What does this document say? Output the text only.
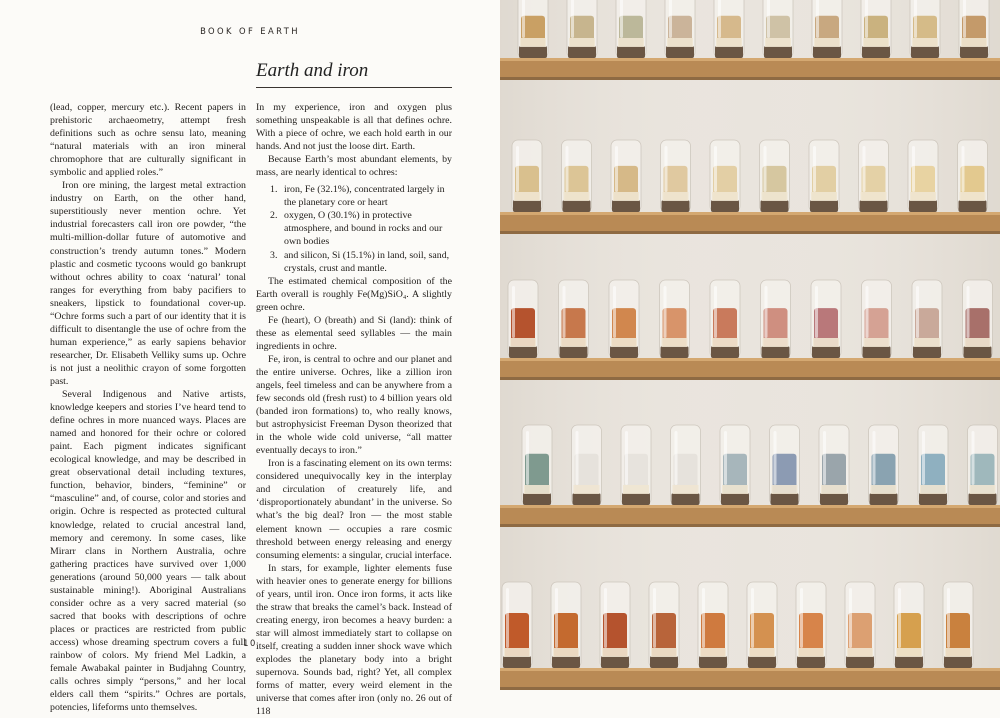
BOOK OF EARTH

Earth and iron

(lead, copper, mercury etc.). Recent papers in prehistoric archaeometry, attempt fresh definitions such as ochre sensu lato, meaning “natural materials with an iron mineral chromophore that are culturally significant in symbolic and applied roles.”

Iron ore mining, the largest metal extraction industry on Earth, on the other hand, superstitiously never mention ochre. Yet industrial forecasters call iron ore powder, “the multi-million-dollar future of automotive and construction’s trendy autumn tones.” Modern plastic and cosmetic tycoons would go bankrupt without ochres ability to coax ‘natural’ tonal ranges for everything from baby pacifiers to sneakers, lipstick to foundational cover-up. “Ochre forms such a part of our identity that it is difficult to disentangle the use of ochre from the human experience,” as early sapiens behavior researcher, Dr. Elisabeth Velliky sums up. Ochre is not just a neolithic crayon of some forgotten past.

Several Indigenous and Native artists, knowledge keepers and stories I’ve heard tend to define ochres in more nuanced ways. Places are named and honored for their ochre or colored paint. Each pigment indicates significant ecological knowledge, and may be described in great observational detail including textures, function, behavior, binders, “feminine” or “masculine” and, of course, color and stories and origin. Ochre is respected as protected cultural knowledge, related to crucial ancestral land, memory and ceremony. In some cases, like Mirarr clans in Northern Australia, ochre gathering practices have survived over 1,000 generations (around 50,000 years — talk about sustainable mining!). Aboriginal Australians consider ochre as a very sacred material (so sacred that books with descriptions of ochre places or practices are restricted from public access) whose dreaming spectrum covers a full rainbow of colors. My friend Mel Ladkin, a female Awabakal painter in Budjahng Country, calls ochres simply “persons,” and her local elders call them “spirits.” Ochres are portals, potencies, lifeforms unto themselves.

In my experience, iron and oxygen plus something unspeakable is all that defines ochre. With a piece of ochre, we each hold earth in our hands. And not just the loose dirt. Earth.

Because Earth’s most abundant elements, by mass, are nearly identical to ochres:

1. iron, Fe (32.1%), concentrated largely in the planetary core or heart
2. oxygen, O (30.1%) in protective atmosphere, and bound in rocks and our own bodies
3. and silicon, Si (15.1%) in land, soil, sand, crystals, crust and mantle.

The estimated chemical composition of the Earth overall is roughly Fe(Mg)SiO₄. A slightly green ochre.

Fe (heart), O (breath) and Si (land): think of these as elemental seed syllables — the main ingredients in ochre.

Fe, iron, is central to ochre and our planet and the entire universe. Ochres, like a zillion iron angels, feel timeless and can be anywhere from a few seconds old (fresh rust) to 4 billion years old (banded iron formations) to, who really knows, but astrophysicist Freeman Dyson theorized that in the whole wide cold universe, “all matter eventually decays to iron.”

Iron is a fascinating element on its own terms: considered unequivocally key in the interplay and circulation of creaturely life, and ‘disproportionately abundant’ in the universe. So what’s the big deal? Iron — the most stable element known — occupies a rare cosmic threshold between energy releasing and energy consuming elements: a singular, crucial interface.

In stars, for example, lighter elements fuse with heavier ones to generate energy for billions of years, until iron. Once iron forms, it acts like the straw that breaks the camel’s back. Instead of creating energy, iron becomes a heavy burden: a star will almost immediately start to collapse on itself, creating a sudden inner shock wave which explodes the planetary body into a bright supernova. Sounds bad, right? Yet, all complex forms of matter, every weird element in the universe that comes after iron (only no. 26 out of 118

10
